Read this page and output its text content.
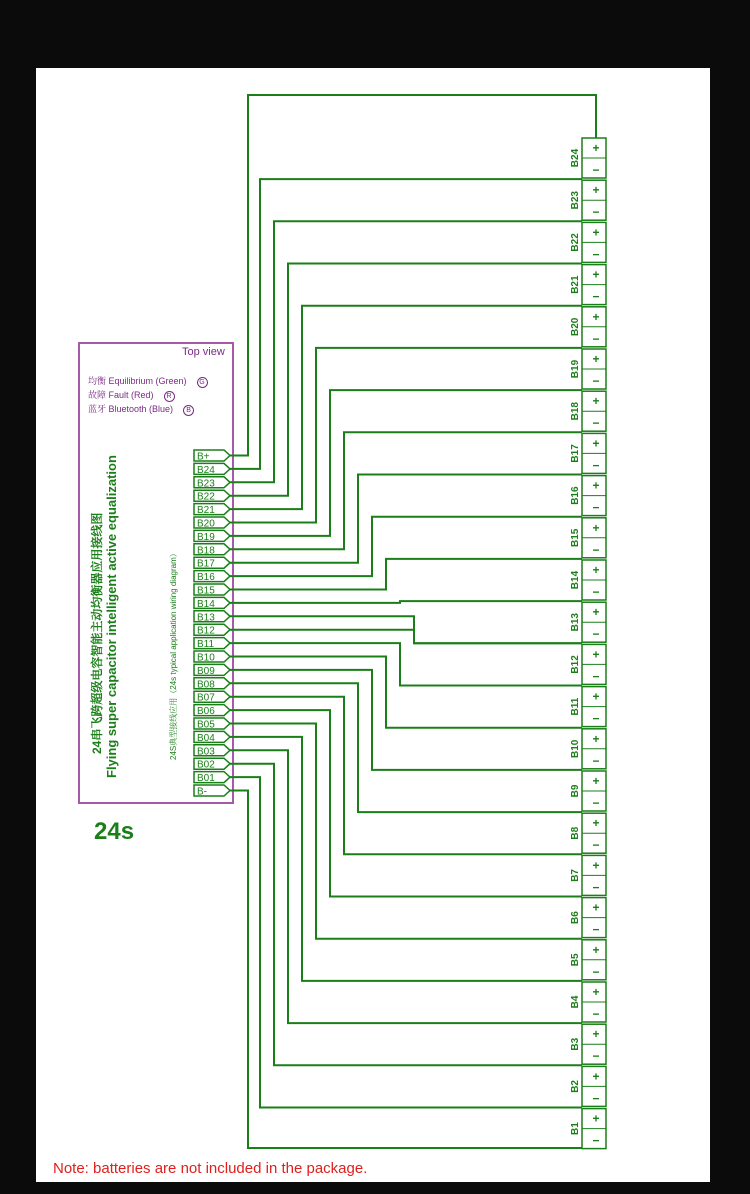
Top view
均衡 Equilibrium (Green) G
故障 Fault (Red) R
蓝牙 Bluetooth (Blue) B
24串飞跨超级电容智能主动均衡器应用接线图 Flying super capacitor intelligent active equalization	24S典型接线应用（24s typical application wiring diagram）
24s
B+
B24
B23
B22
B21
B20
B19
B18
B17
B16
B15
B14
B13
B12
B11
B10
B09
B08
B07
B06
B05
B04
B03
B02
B01
B-
+
−
B24
+
−
B23
+
−
B22
+
−
B21
+
−
B20
+
−
B19
+
−
B18
+
−
B17
+
−
B16
+
−
B15
+
−
B14
+
−
B13
+
−
B12
+
−
B11
+
−
B10
+
−
B9
+
−
B8
+
−
B7
+
−
B6
+
−
B5
+
−
B4
+
−
B3
+
−
B2
+
−
B1
Note: batteries are not included in the package.
